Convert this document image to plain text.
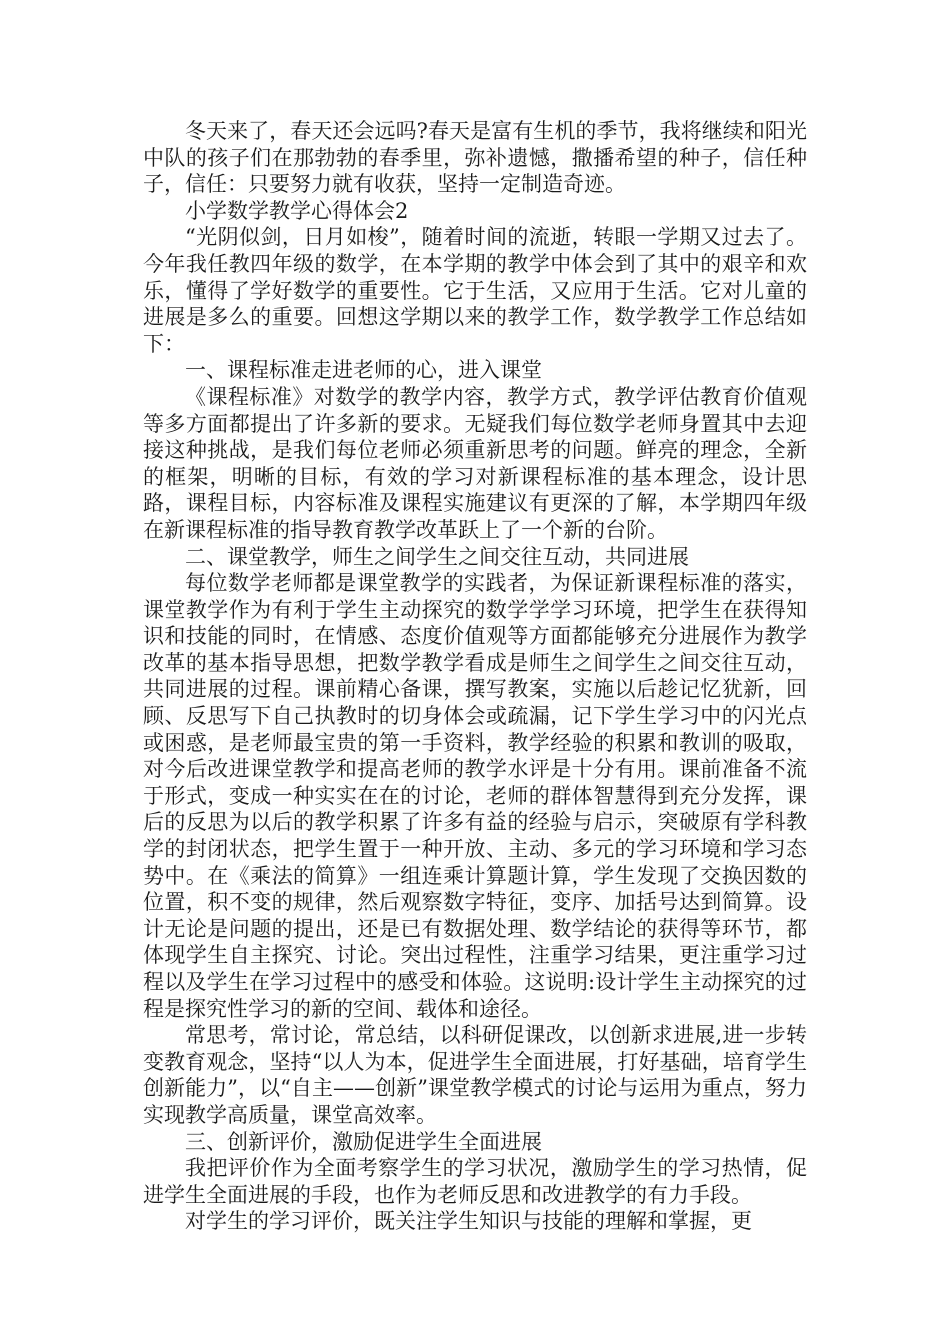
冬天来了，春天还会远吗?春天是富有生机的季节，我将继续和阳光中队的孩子们在那勃勃的春季里，弥补遗憾，撒播希望的种子，信任种子，信任：只要努力就有收获，坚持一定制造奇迹。

小学数学教学心得体会2

“光阴似剑，日月如梭”，随着时间的流逝，转眼一学期又过去了。今年我任教四年级的数学，在本学期的教学中体会到了其中的艰辛和欢乐，懂得了学好数学的重要性。它于生活，又应用于生活。它对儿童的进展是多么的重要。回想这学期以来的教学工作，数学教学工作总结如下：

一、课程标准走进老师的心，进入课堂

《课程标准》对数学的教学内容，教学方式，教学评估教育价值观等多方面都提出了许多新的要求。无疑我们每位数学老师身置其中去迎接这种挑战，是我们每位老师必须重新思考的问题。鲜亮的理念，全新的框架，明晰的目标，有效的学习对新课程标准的基本理念，设计思路，课程目标，内容标准及课程实施建议有更深的了解，本学期四年级在新课程标准的指导教育教学改革跃上了一个新的台阶。

二、课堂教学，师生之间学生之间交往互动，共同进展

每位数学老师都是课堂教学的实践者，为保证新课程标准的落实，课堂教学作为有利于学生主动探究的数学学学习环境，把学生在获得知识和技能的同时，在情感、态度价值观等方面都能够充分进展作为教学改革的基本指导思想，把数学教学看成是师生之间学生之间交往互动，共同进展的过程。课前精心备课，撰写教案，实施以后趁记忆犹新，回顾、反思写下自己执教时的切身体会或疏漏，记下学生学习中的闪光点或困惑，是老师最宝贵的第一手资料，教学经验的积累和教训的吸取，对今后改进课堂教学和提高老师的教学水评是十分有用。课前准备不流于形式，变成一种实实在在的讨论，老师的群体智慧得到充分发挥，课后的反思为以后的教学积累了许多有益的经验与启示，突破原有学科教学的封闭状态，把学生置于一种开放、主动、多元的学习环境和学习态势中。在《乘法的简算》一组连乘计算题计算，学生发现了交换因数的位置，积不变的规律，然后观察数字特征，变序、加括号达到简算。设计无论是问题的提出，还是已有数据处理、数学结论的获得等环节，都体现学生自主探究、讨论。突出过程性，注重学习结果，更注重学习过程以及学生在学习过程中的感受和体验。这说明:设计学生主动探究的过程是探究性学习的新的空间、载体和途径。

常思考，常讨论，常总结，以科研促课改，以创新求进展,进一步转变教育观念，坚持“以人为本，促进学生全面进展，打好基础，培育学生创新能力”，以“自主——创新”课堂教学模式的讨论与运用为重点，努力实现教学高质量，课堂高效率。

三、创新评价，激励促进学生全面进展

我把评价作为全面考察学生的学习状况，激励学生的学习热情，促进学生全面进展的手段，也作为老师反思和改进教学的有力手段。

对学生的学习评价，既关注学生知识与技能的理解和掌握，更
